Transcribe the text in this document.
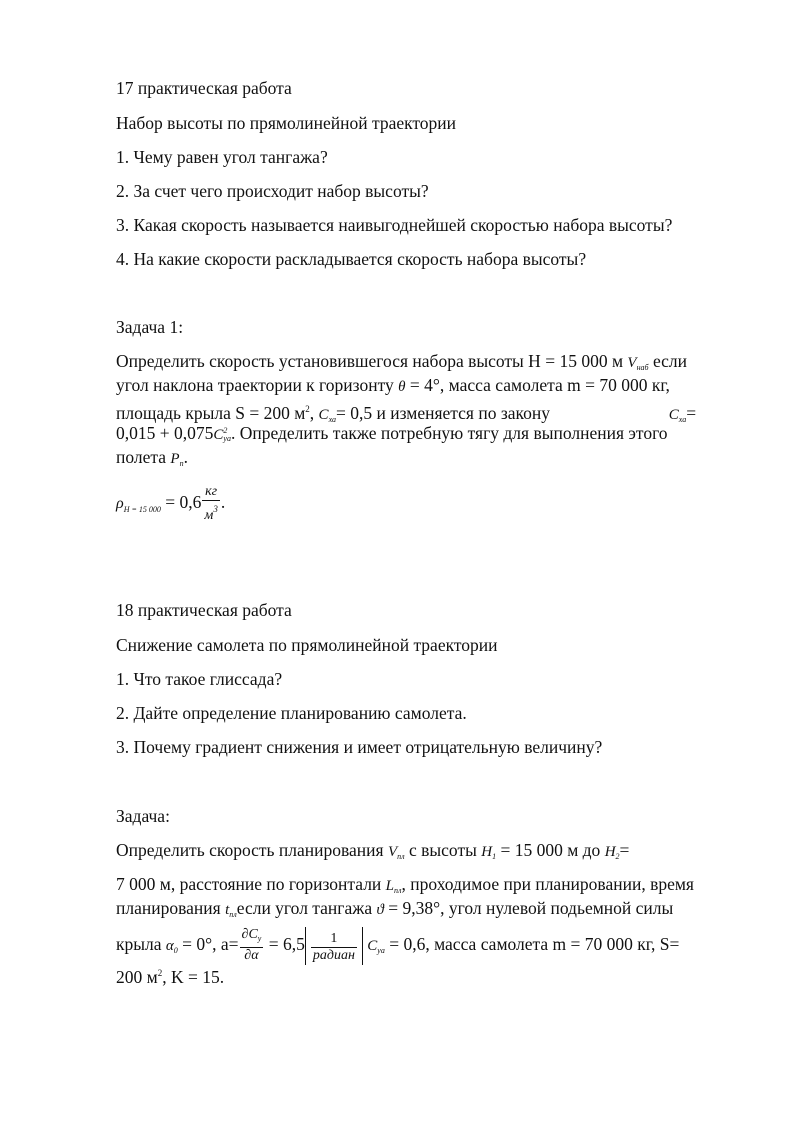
17 практическая работа
Набор высоты по прямолинейной траектории
1. Чему равен угол тангажа?
2. За счет чего происходит набор высоты?
3. Какая скорость называется наивыгоднейшей скоростью набора высоты?
4. На какие скорости раскладывается скорость набора высоты?
Задача 1:
Определить скорость установившегося набора высоты H = 15 000 м $V_{наб}$ если
угол наклона траектории к горизонту θ = 4°, масса самолета m = 70 000 кг,
площадь крыла S = 200 $м^2$, $C_{ха}= 0,5$ и изменяется по закону	$C_{ха}=$
0,015 + 0,075C 2
уа . Определить также потребную тягу для выполнения этого
полета $P_п$.
$\rho_{H = 15 000} = 0,6 \frac{кг}{м^3}$ .
18 практическая работа
Снижение самолета по прямолинейной траектории
1. Что такое глиссада?
2. Дайте определение планированию самолета.
3. Почему градиент снижения и имеет отрицательную величину?
Задача:
Определить скорость планирования $V_{пл}$ с высоты $H_1 = 15$ 000 м до $H_2=$
7 000 м, расстояние по горизонтали $L_{пл}$, проходимое при планировании, время
планирования $t_{пл}если$ угол тангажа ϑ = 9,38°, угол нулевой подьемной силы
крыла $\alpha_0 = 0^\circ$, $а= \frac{\partial C_y}{\partial\alpha} = 6,5 \frac{1}{\text{радиан}} C_{уа} = 0,6$, масса самолета m = 70 000 кг, S=
200 $м^2$, K = 15.
